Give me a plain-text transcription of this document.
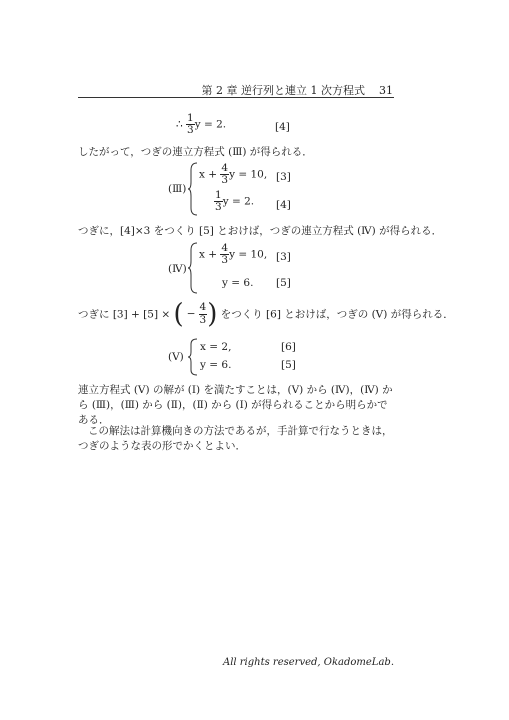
第 2 章 逆行列と連立 1 次方程式 31
∴ $\frac{1}{3}$ y = 2.	[4]
したがって，つぎの連立方程式 (Ⅲ) が得られる．
(Ⅲ)
$x + \frac{4}{3}$ y = 10, [3]
$\frac{1}{3}$ y = 2. [4]
つぎに，[4]×3 をつくり [5] とおけば，つぎの連立方程式 (Ⅳ) が得られる．
(Ⅳ)
$x + \frac{4}{3}$ y = 10, [3]
y = 6. [5]
つぎに [3] + [5] × ( − $\frac{4}{3}$ ) をつくり [6] とおけば，つぎの (Ⅴ) が得られる．
(Ⅴ)
x = 2,	[6]
y = 6.	[5]
連立方程式 (Ⅴ) の解が (Ⅰ) を満たすことは，(Ⅴ) から (Ⅳ)，(Ⅳ) から (Ⅲ)，(Ⅲ) から (Ⅱ)，(Ⅱ) から (Ⅰ) が得られることから明らかである．
この解法は計算機向きの方法であるが，手計算で行なうときは，つぎのような表の形でかくとよい．
All rights reserved, OkadomeLab.
